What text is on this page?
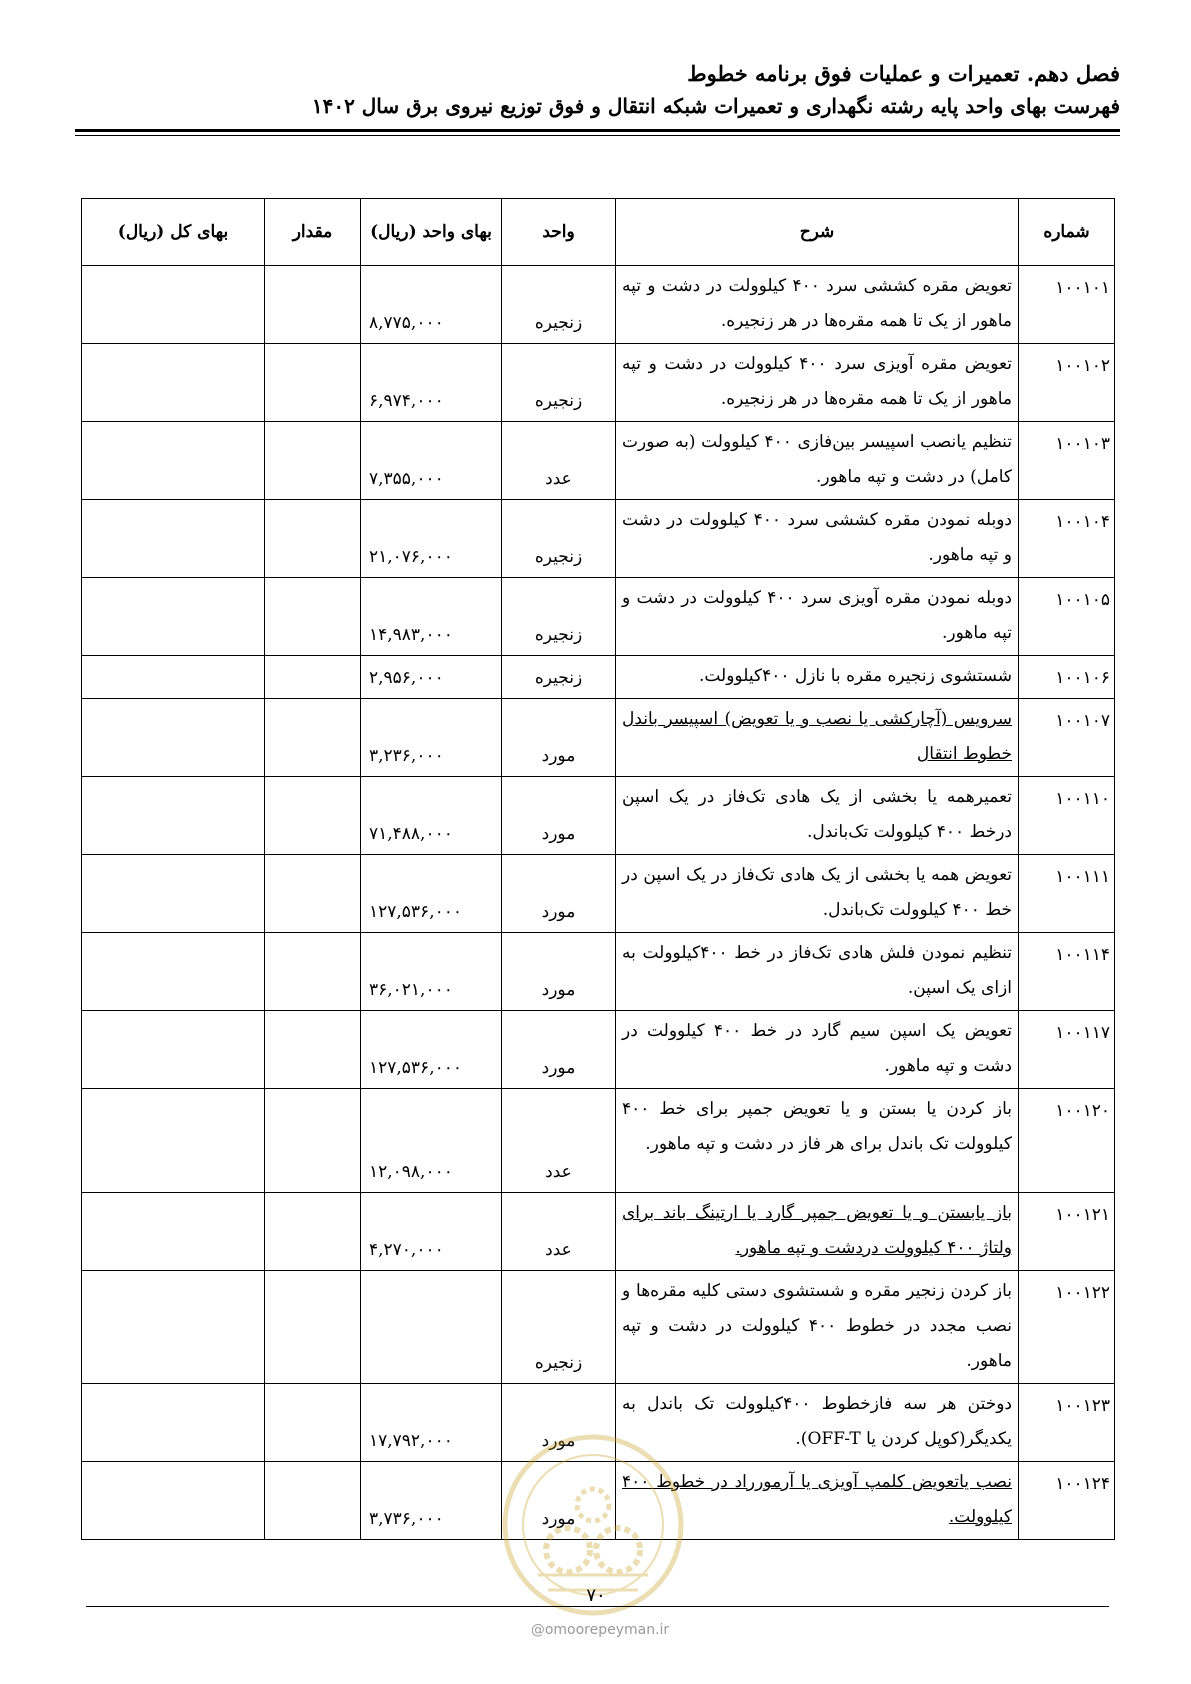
فصل دهم. تعمیرات و عملیات فوق برنامه خطوط
فهرست بهای واحد پایه رشته نگهداری و تعمیرات شبکه انتقال و فوق توزیع نیروی برق سال ۱۴۰۲
شماره	شرح	واحد	بهای واحد (ریال)	مقدار	بهای کل (ریال)
۱۰۰۱۰۱	تعویض مقره کششی سرد ۴۰۰ کیلوولت در دشت و تپه ماهور از یک تا همه مقره‌ها در هر زنجیره.	زنجیره	۸,۷۷۵,۰۰۰		
۱۰۰۱۰۲	تعویض مقره آویزی سرد ۴۰۰ کیلوولت در دشت و تپه ماهور از یک تا همه مقره‌ها در هر زنجیره.	زنجیره	۶,۹۷۴,۰۰۰		
۱۰۰۱۰۳	تنظیم یانصب اسپیسر بین‌فازی ۴۰۰ کیلوولت (به صورت کامل) در دشت و تپه ماهور.	عدد	۷,۳۵۵,۰۰۰		
۱۰۰۱۰۴	دوبله نمودن مقره کششی سرد ۴۰۰ کیلوولت در دشت و تپه ماهور.	زنجیره	۲۱,۰۷۶,۰۰۰		
۱۰۰۱۰۵	دوبله نمودن مقره آویزی سرد ۴۰۰ کیلوولت در دشت و تپه ماهور.	زنجیره	۱۴,۹۸۳,۰۰۰		
۱۰۰۱۰۶	شستشوی زنجیره مقره با نازل ۴۰۰کیلوولت.	زنجیره	۲,۹۵۶,۰۰۰		
۱۰۰۱۰۷	سرویس (آچارکشی یا نصب و یا تعویض) اسپیسر باندل خطوط انتقال	مورد	۳,۲۳۶,۰۰۰		
۱۰۰۱۱۰	تعمیرهمه یا بخشی از یک هادی تک‌فاز در یک اسپن درخط ۴۰۰ کیلوولت تک‌باندل.	مورد	۷۱,۴۸۸,۰۰۰		
۱۰۰۱۱۱	تعویض همه یا بخشی از یک هادی تک‌فاز در یک اسپن در خط ۴۰۰ کیلوولت تک‌باندل.	مورد	۱۲۷,۵۳۶,۰۰۰		
۱۰۰۱۱۴	تنظیم نمودن فلش هادی تک‌فاز در خط ۴۰۰کیلوولت به ازای یک اسپن.	مورد	۳۶,۰۲۱,۰۰۰		
۱۰۰۱۱۷	تعویض یک اسپن سیم گارد در خط ۴۰۰ کیلوولت در دشت و تپه ماهور.	مورد	۱۲۷,۵۳۶,۰۰۰		
۱۰۰۱۲۰	باز کردن یا بستن و یا تعویض جمپر برای خط ۴۰۰ کیلوولت تک باندل برای هر فاز در دشت و تپه ماهور.	عدد	۱۲,۰۹۸,۰۰۰		
۱۰۰۱۲۱	باز یابستن و یا تعویض جمپر گارد یا ارتینگ باند برای ولتاژ ۴۰۰ کیلوولت دردشت و تپه ماهور.	عدد	۴,۲۷۰,۰۰۰		
۱۰۰۱۲۲	باز کردن زنجیر مقره و شستشوی دستی کلیه مقره‌ها و نصب مجدد در خطوط ۴۰۰ کیلوولت در دشت و تپه ماهور.	زنجیره			
۱۰۰۱۲۳	دوختن هر سه فازخطوط ۴۰۰کیلوولت تک باندل به یکدیگر(کوپل کردن یا OFF-T).	مورد	۱۷,۷۹۲,۰۰۰		
۱۰۰۱۲۴	نصب یاتعویض کلمپ آویزی یا آرمورراد در خطوط ۴۰۰ کیلوولت.	مورد	۳,۷۳۶,۰۰۰		
۷۰
@omoorepeyman.ir
